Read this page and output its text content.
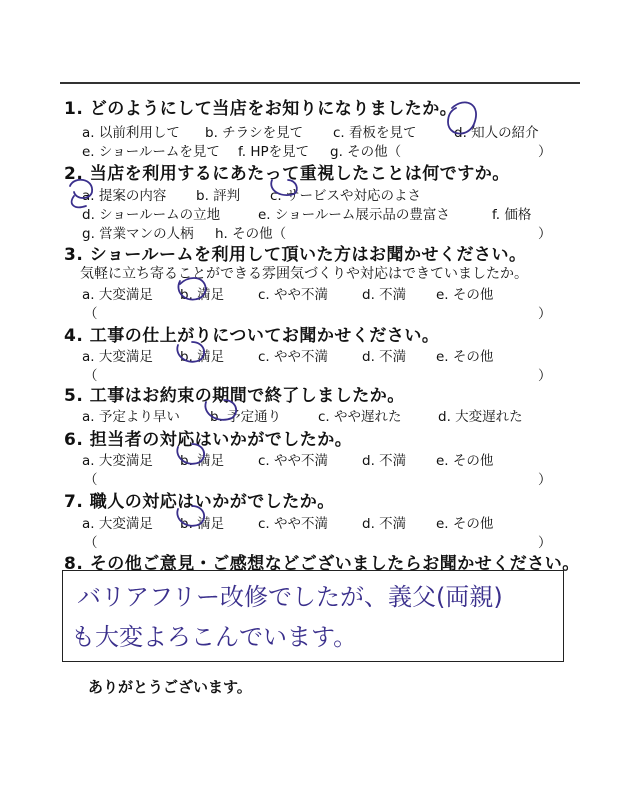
1. どのようにして当店をお知りになりましたか。
a. 以前利用して b. チラシを見て c. 看板を見て	d. 知人の紹介
e. ショールームを見て f. HPを見て g. その他（	）
2. 当店を利用するにあたって重視したことは何ですか。
a. 提案の内容 b. 評判 c. サービスや対応のよさ
d. ショールームの立地	e. ショールーム展示品の豊富さ	f. 価格
g. 営業マンの人柄 h. その他（	）
3. ショールームを利用して頂いた方はお聞かせください。
気軽に立ち寄ることができる雰囲気づくりや対応はできていましたか。
a. 大変満足 b. 満足	c. やや不満	d. 不満 e. その他
（	）
4. 工事の仕上がりについてお聞かせください。
a. 大変満足 b. 満足	c. やや不満	d. 不満 e. その他
（	）
5. 工事はお約束の期間で終了しましたか。
a. 予定より早い b. 予定通り	c. やや遅れた	d. 大変遅れた
6. 担当者の対応はいかがでしたか。
a. 大変満足 b. 満足	c. やや不満	d. 不満 e. その他
（	）
7. 職人の対応はいかがでしたか。
a. 大変満足 b. 満足	c. やや不満	d. 不満 e. その他
（	）
8. その他ご意見・ご感想などございましたらお聞かせください。
バリアフリー改修でしたが、義父(両親)
も大変よろこんでいます。
ありがとうございます。
